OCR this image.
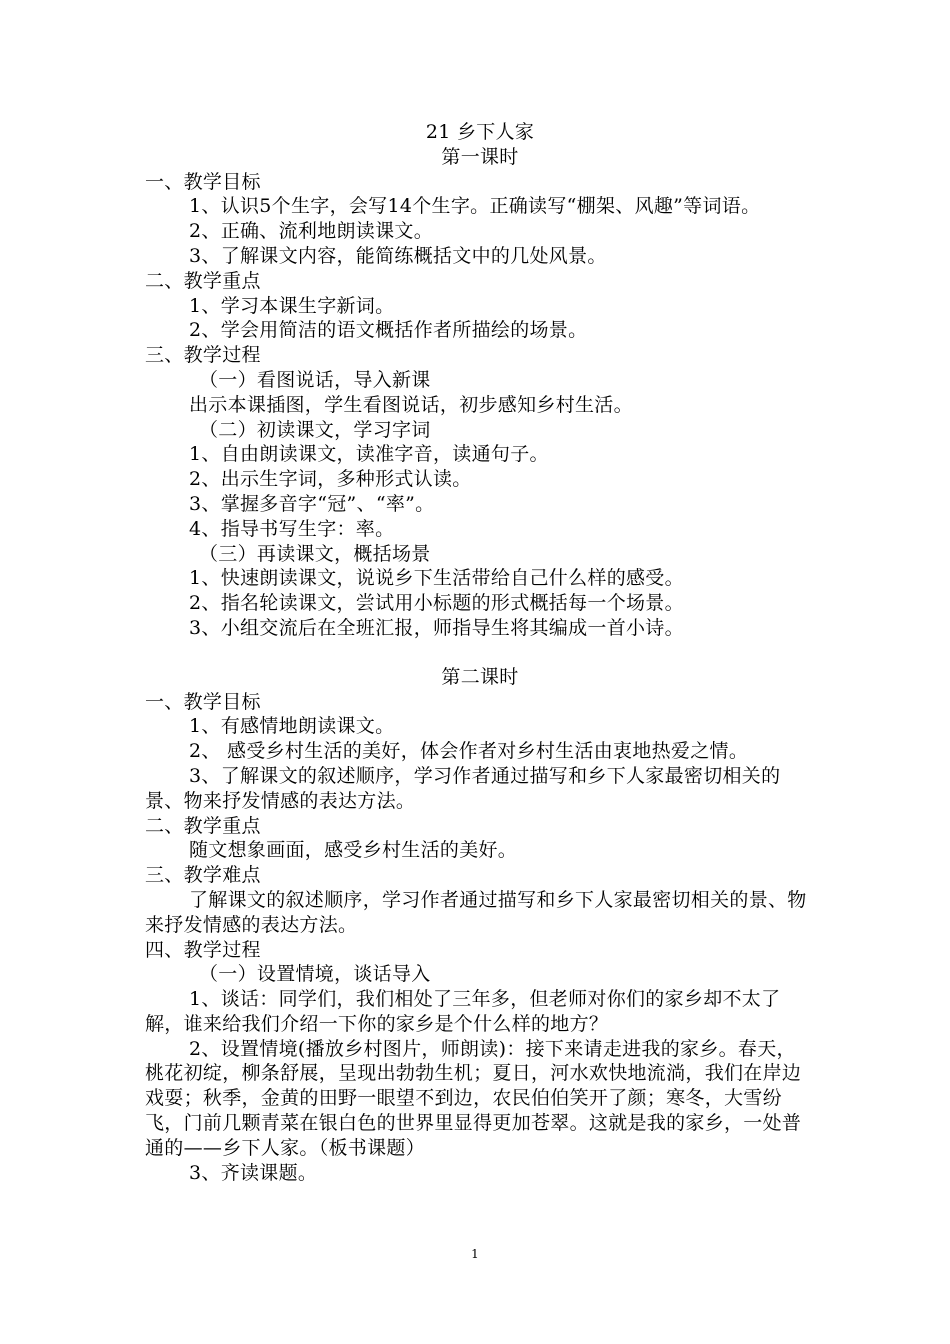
21 乡下人家
第一课时
一、教学目标
1、认识5个生字，会写14个生字。正确读写“棚架、风趣”等词语。
2、正确、流利地朗读课文。
3、了解课文内容，能简练概括文中的几处风景。
二、教学重点
1、学习本课生字新词。
2、学会用简洁的语文概括作者所描绘的场景。
三、教学过程
（一）看图说话，导入新课
出示本课插图，学生看图说话，初步感知乡村生活。
（二）初读课文，学习字词
1、自由朗读课文，读准字音，读通句子。
2、出示生字词，多种形式认读。
3、掌握多音字“冠”、“率”。
4、指导书写生字：率。
（三）再读课文，概括场景
1、快速朗读课文，说说乡下生活带给自己什么样的感受。
2、指名轮读课文，尝试用小标题的形式概括每一个场景。
3、小组交流后在全班汇报，师指导生将其编成一首小诗。
第二课时
一、教学目标
1、有感情地朗读课文。
2、 感受乡村生活的美好，体会作者对乡村生活由衷地热爱之情。
3、了解课文的叙述顺序，学习作者通过描写和乡下人家最密切相关的景、物来抒发情感的表达方法。
二、教学重点
随文想象画面，感受乡村生活的美好。
三、教学难点
了解课文的叙述顺序，学习作者通过描写和乡下人家最密切相关的景、物来抒发情感的表达方法。
四、教学过程
（一）设置情境，谈话导入
1、谈话：同学们，我们相处了三年多，但老师对你们的家乡却不太了解，谁来给我们介绍一下你的家乡是个什么样的地方？
2、设置情境(播放乡村图片，师朗读)：接下来请走进我的家乡。春天，桃花初绽，柳条舒展，呈现出勃勃生机；夏日，河水欢快地流淌，我们在岸边戏耍；秋季，金黄的田野一眼望不到边，农民伯伯笑开了颜；寒冬，大雪纷飞，门前几颗青菜在银白色的世界里显得更加苍翠。这就是我的家乡，一处普通的——乡下人家。（板书课题）
3、齐读课题。
1
